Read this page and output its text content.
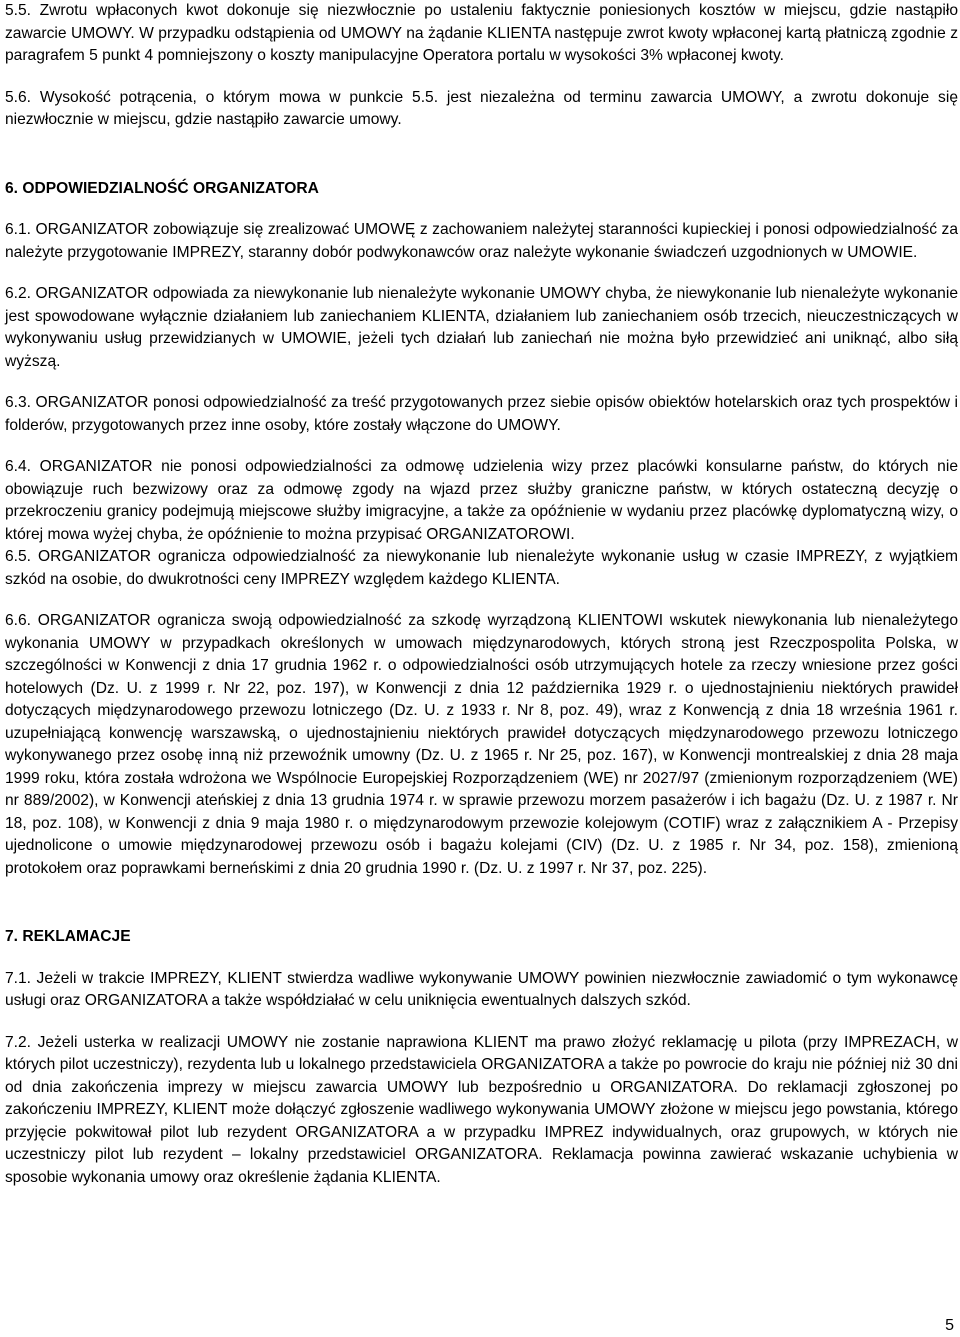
5.5. Zwrotu wpłaconych kwot dokonuje się niezwłocznie po ustaleniu faktycznie poniesionych kosztów w miejscu, gdzie nastąpiło zawarcie UMOWY. W przypadku odstąpienia od UMOWY na żądanie KLIENTA następuje zwrot kwoty wpłaconej kartą płatniczą zgodnie z paragrafem 5 punkt 4 pomniejszony o koszty manipulacyjne Operatora portalu w wysokości 3% wpłaconej kwoty.

5.6. Wysokość potrącenia, o którym mowa w punkcie 5.5. jest niezależna od terminu zawarcia UMOWY, a zwrotu dokonuje się niezwłocznie w miejscu, gdzie nastąpiło zawarcie umowy.

6. ODPOWIEDZIALNOŚĆ ORGANIZATORA

6.1. ORGANIZATOR zobowiązuje się zrealizować UMOWĘ z zachowaniem należytej staranności kupieckiej i ponosi odpowiedzialność za należyte przygotowanie IMPREZY, staranny dobór podwykonawców oraz należyte wykonanie świadczeń uzgodnionych w UMOWIE.

6.2. ORGANIZATOR odpowiada za niewykonanie lub nienależyte wykonanie UMOWY chyba, że niewykonanie lub nienależyte wykonanie jest spowodowane wyłącznie działaniem lub zaniechaniem KLIENTA, działaniem lub zaniechaniem osób trzecich, nieuczestniczących w wykonywaniu usług przewidzianych w UMOWIE, jeżeli tych działań lub zaniechań nie można było przewidzieć ani uniknąć, albo siłą wyższą.

6.3. ORGANIZATOR ponosi odpowiedzialność za treść przygotowanych przez siebie opisów obiektów hotelarskich oraz tych prospektów i folderów, przygotowanych przez inne osoby, które zostały włączone do UMOWY.

6.4. ORGANIZATOR nie ponosi odpowiedzialności za odmowę udzielenia wizy przez placówki konsularne państw, do których nie obowiązuje ruch bezwizowy oraz za odmowę zgody na wjazd przez służby graniczne państw, w których ostateczną decyzję o przekroczeniu granicy podejmują miejscowe służby imigracyjne, a także za opóźnienie w wydaniu przez placówkę dyplomatyczną wizy, o której mowa wyżej chyba, że opóźnienie to można przypisać ORGANIZATOROWI.

6.5. ORGANIZATOR ogranicza odpowiedzialność za niewykonanie lub nienależyte wykonanie usług w czasie IMPREZY, z wyjątkiem szkód na osobie, do dwukrotności ceny IMPREZY względem każdego KLIENTA.

6.6. ORGANIZATOR ogranicza swoją odpowiedzialność za szkodę wyrządzoną KLIENTOWI wskutek niewykonania lub nienależytego wykonania UMOWY w przypadkach określonych w umowach międzynarodowych, których stroną jest Rzeczpospolita Polska, w szczególności w Konwencji z dnia 17 grudnia 1962 r. o odpowiedzialności osób utrzymujących hotele za rzeczy wniesione przez gości hotelowych (Dz. U. z 1999 r. Nr 22, poz. 197), w Konwencji z dnia 12 października 1929 r. o ujednostajnieniu niektórych prawideł dotyczących międzynarodowego przewozu lotniczego (Dz. U. z 1933 r. Nr 8, poz. 49), wraz z Konwencją z dnia 18 września 1961 r. uzupełniającą konwencję warszawską, o ujednostajnieniu niektórych prawideł dotyczących międzynarodowego przewozu lotniczego wykonywanego przez osobę inną niż przewoźnik umowny (Dz. U. z 1965 r. Nr 25, poz. 167), w Konwencji montrealskiej z dnia 28 maja 1999 roku, która została wdrożona we Wspólnocie Europejskiej Rozporządzeniem (WE) nr 2027/97 (zmienionym rozporządzeniem (WE) nr 889/2002), w Konwencji ateńskiej z dnia 13 grudnia 1974 r. w sprawie przewozu morzem pasażerów i ich bagażu (Dz. U. z 1987 r. Nr 18, poz. 108), w Konwencji z dnia 9 maja 1980 r. o międzynarodowym przewozie kolejowym (COTIF) wraz z załącznikiem A - Przepisy ujednolicone o umowie międzynarodowej przewozu osób i bagażu kolejami (CIV) (Dz. U. z 1985 r. Nr 34, poz. 158), zmienioną protokołem oraz poprawkami berneńskimi z dnia 20 grudnia 1990 r. (Dz. U. z 1997 r. Nr 37, poz. 225).

7. REKLAMACJE

7.1. Jeżeli w trakcie IMPREZY, KLIENT stwierdza wadliwe wykonywanie UMOWY powinien niezwłocznie zawiadomić o tym wykonawcę usługi oraz ORGANIZATORA a także współdziałać w celu uniknięcia ewentualnych dalszych szkód.

7.2. Jeżeli usterka w realizacji UMOWY nie zostanie naprawiona KLIENT ma prawo złożyć reklamację u pilota (przy IMPREZACH, w których pilot uczestniczy), rezydenta lub u lokalnego przedstawiciela ORGANIZATORA a także po powrocie do kraju nie później niż 30 dni od dnia zakończenia imprezy w miejscu zawarcia UMOWY lub bezpośrednio u ORGANIZATORA. Do reklamacji zgłoszonej po zakończeniu IMPREZY, KLIENT może dołączyć zgłoszenie wadliwego wykonywania UMOWY złożone w miejscu jego powstania, którego przyjęcie pokwitował pilot lub rezydent ORGANIZATORA a w przypadku IMPREZ indywidualnych, oraz grupowych, w których nie uczestniczy pilot lub rezydent – lokalny przedstawiciel ORGANIZATORA. Reklamacja powinna zawierać wskazanie uchybienia w sposobie wykonania umowy oraz określenie żądania KLIENTA.

5
